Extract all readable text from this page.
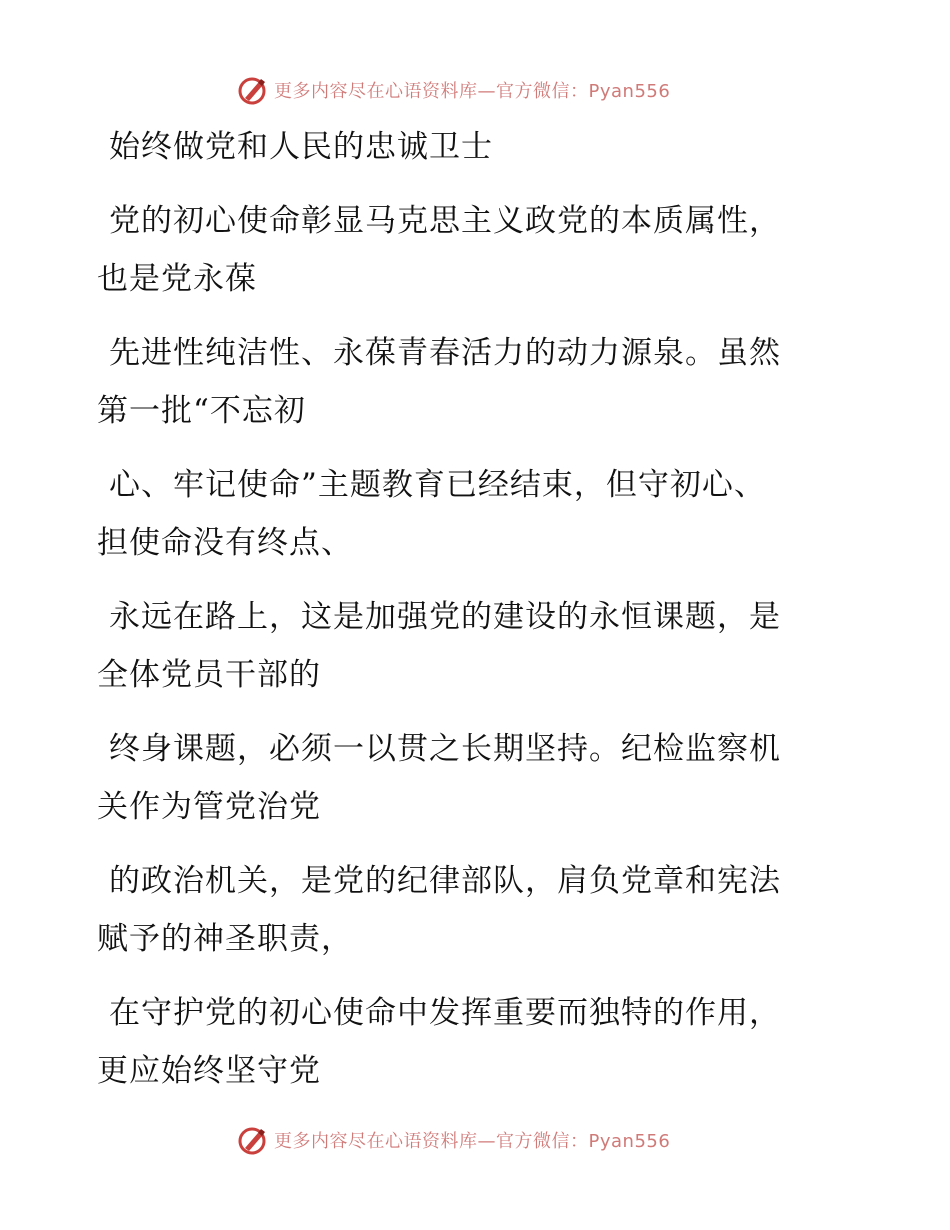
更多内容尽在心语资料库—官方微信：Pyan556
始终做党和人民的忠诚卫士
党的初心使命彰显马克思主义政党的本质属性，
也是党永葆
先进性纯洁性、永葆青春活力的动力源泉。虽然
第一批“不忘初
心、牢记使命”主题教育已经结束，但守初心、
担使命没有终点、
永远在路上，这是加强党的建设的永恒课题，是
全体党员干部的
终身课题，必须一以贯之长期坚持。纪检监察机
关作为管党治党
的政治机关，是党的纪律部队，肩负党章和宪法
赋予的神圣职责，
在守护党的初心使命中发挥重要而独特的作用，
更应始终坚守党
更多内容尽在心语资料库—官方微信：Pyan556
